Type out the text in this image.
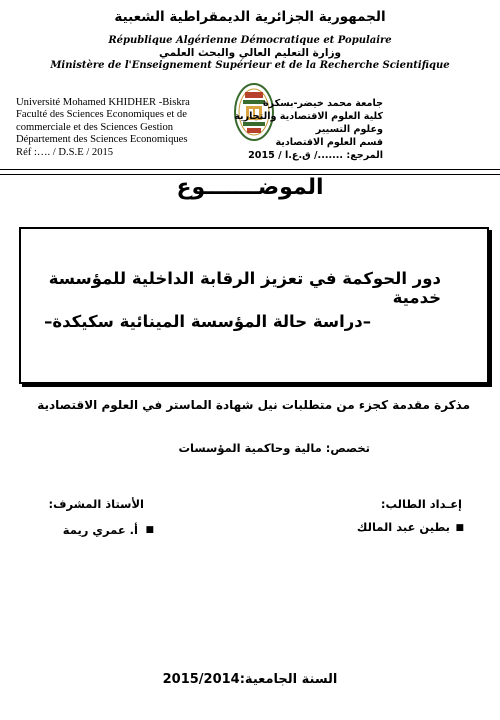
الجمهورية الجزائرية الديمقراطية الشعبية
République Algérienne Démocratique et Populaire
وزارة التعليم العالي والبحث العلمي
Ministère de l'Enseignement Supérieur et de la Recherche Scientifique
Université Mohamed KHIDHER -Biskra
Faculté des Sciences Economiques et de
commerciale et des Sciences Gestion
Département des Sciences Economiques
Réf :…. / D.S.E / 2015
جامعة محمد خيضر-بسكرة
كلية العلوم الاقتصادية والتجارية
وعلوم التسيير
قسم العلوم الاقتصادية
المرجع: ......./ ق.ع.ا / 2015
الموضـــــــوع
دور الحوكمة في تعزيز الرقابة الداخلية للمؤسسة خدمية
–دراسة حالة المؤسسة المينائية سكيكدة–
مذكرة مقدمة كجزء من متطلبات نيل شهادة الماستر في العلوم الاقتصادية
تخصص: مالية وحاكمية المؤسسات
إعـداد الطالب:
■
بطين عبد المالك
الأستاذ المشرف:
■
أ. عمري ريمة
السنة الجامعية:2015/2014
